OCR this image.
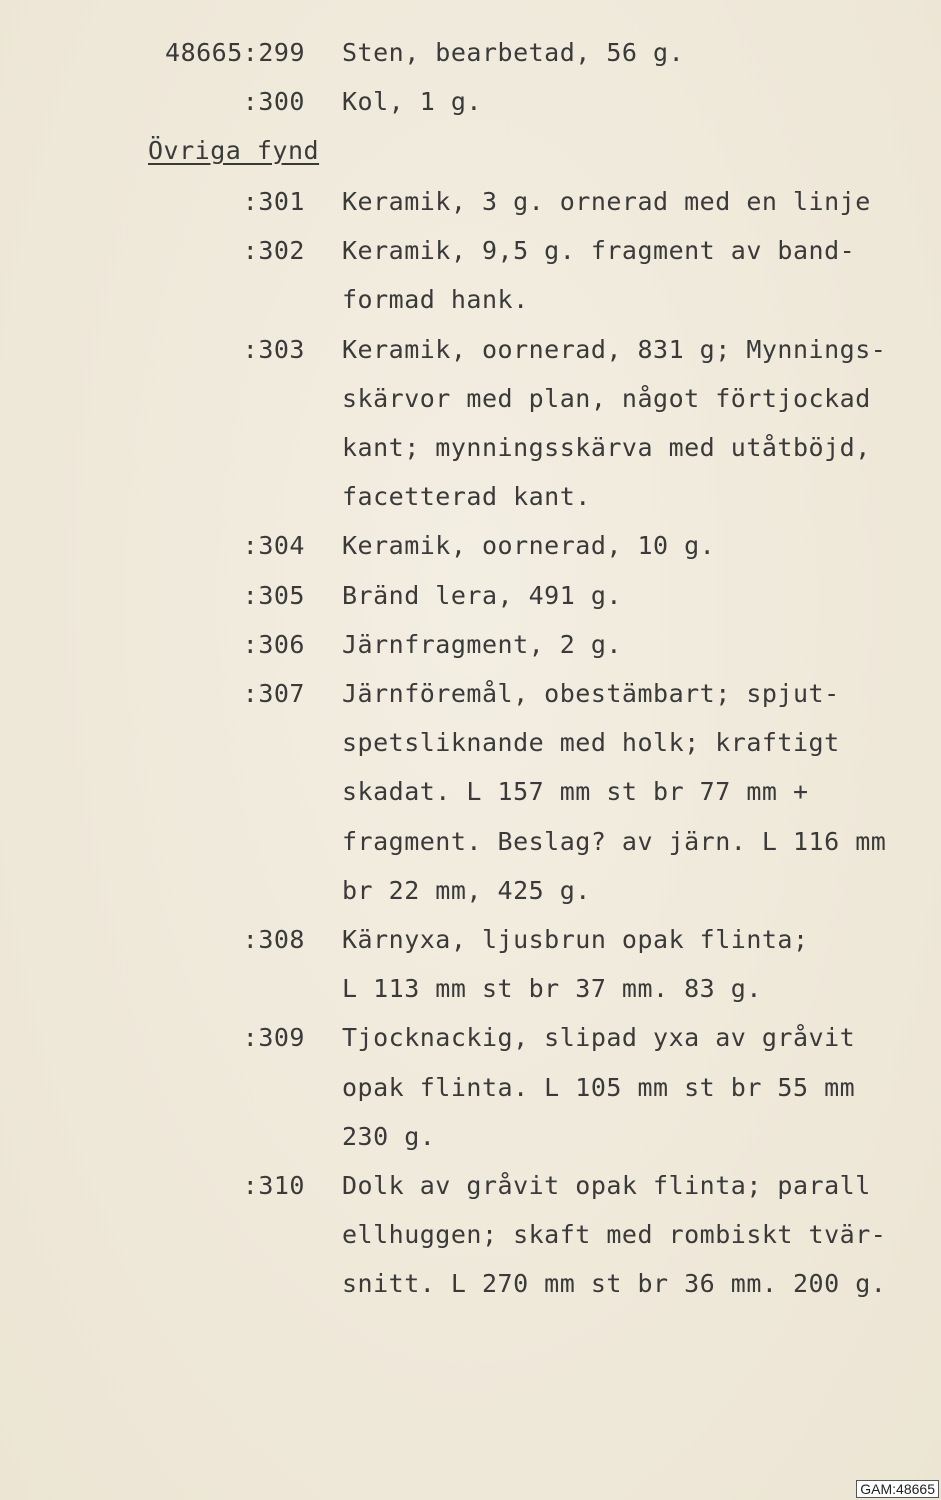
48665:299 Sten, bearbetad, 56 g.
:300 Kol, 1 g.
Övriga fynd
:301 Keramik, 3 g. ornerad med en linje
:302 Keramik, 9,5 g. fragment av band-
formad hank.
:303 Keramik, oornerad, 831 g; Mynnings-
skärvor med plan, något förtjockad
kant; mynningsskärva med utåtböjd,
facetterad kant.
:304 Keramik, oornerad, 10 g.
:305 Bränd lera, 491 g.
:306 Järnfragment, 2 g.
:307 Järnföremål, obestämbart; spjut-
spetsliknande med holk; kraftigt
skadat. L 157 mm st br 77 mm +
fragment. Beslag? av järn. L 116 mm
br 22 mm, 425 g.
:308 Kärnyxa, ljusbrun opak flinta;
L 113 mm st br 37 mm. 83 g.
:309 Tjocknackig, slipad yxa av gråvit
opak flinta. L 105 mm st br 55 mm
230 g.
:310 Dolk av gråvit opak flinta; parall
ellhuggen; skaft med rombiskt tvär-
snitt. L 270 mm st br 36 mm. 200 g.
GAM:48665
